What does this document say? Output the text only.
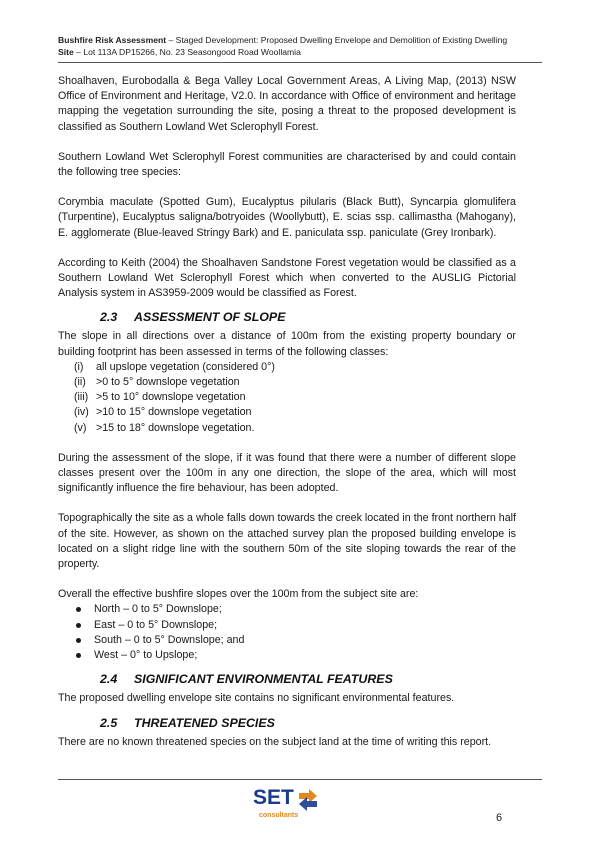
Bushfire Risk Assessment – Staged Development: Proposed Dwelling Envelope and Demolition of Existing Dwelling
Site – Lot 113A DP15266, No. 23 Seasongood Road Woollamia

Shoalhaven, Eurobodalla & Bega Valley Local Government Areas, A Living Map, (2013) NSW Office of Environment and Heritage, V2.0. In accordance with Office of environment and heritage mapping the vegetation surrounding the site, posing a threat to the proposed development is classified as Southern Lowland Wet Sclerophyll Forest.

Southern Lowland Wet Sclerophyll Forest communities are characterised by and could contain the following tree species:

Corymbia maculate (Spotted Gum), Eucalyptus pilularis (Black Butt), Syncarpia glomulifera (Turpentine), Eucalyptus saligna/botryoides (Woollybutt), E. scias ssp. callimastha (Mahogany), E. agglomerate (Blue-leaved Stringy Bark) and E. paniculata ssp. paniculate (Grey Ironbark).

According to Keith (2004) the Shoalhaven Sandstone Forest vegetation would be classified as a Southern Lowland Wet Sclerophyll Forest which when converted to the AUSLIG Pictorial Analysis system in AS3959-2009 would be classified as Forest.

2.3 ASSESSMENT OF SLOPE

The slope in all directions over a distance of 100m from the existing property boundary or building footprint has been assessed in terms of the following classes:

(i) all upslope vegetation (considered 0°)
(ii) >0 to 5° downslope vegetation
(iii) >5 to 10° downslope vegetation
(iv) >10 to 15° downslope vegetation
(v) >15 to 18° downslope vegetation.

During the assessment of the slope, if it was found that there were a number of different slope classes present over the 100m in any one direction, the slope of the area, which will most significantly influence the fire behaviour, has been adopted.

Topographically the site as a whole falls down towards the creek located in the front northern half of the site. However, as shown on the attached survey plan the proposed building envelope is located on a slight ridge line with the southern 50m of the site sloping towards the rear of the property.

Overall the effective bushfire slopes over the 100m from the subject site are:

North – 0 to 5° Downslope;
East – 0 to 5° Downslope;
South – 0 to 5° Downslope; and
West – 0° to Upslope;
2.4 SIGNIFICANT ENVIRONMENTAL FEATURES

The proposed dwelling envelope site contains no significant environmental features.

2.5 THREATENED SPECIES

There are no known threatened species on the subject land at the time of writing this report.

SET
consultants	6
